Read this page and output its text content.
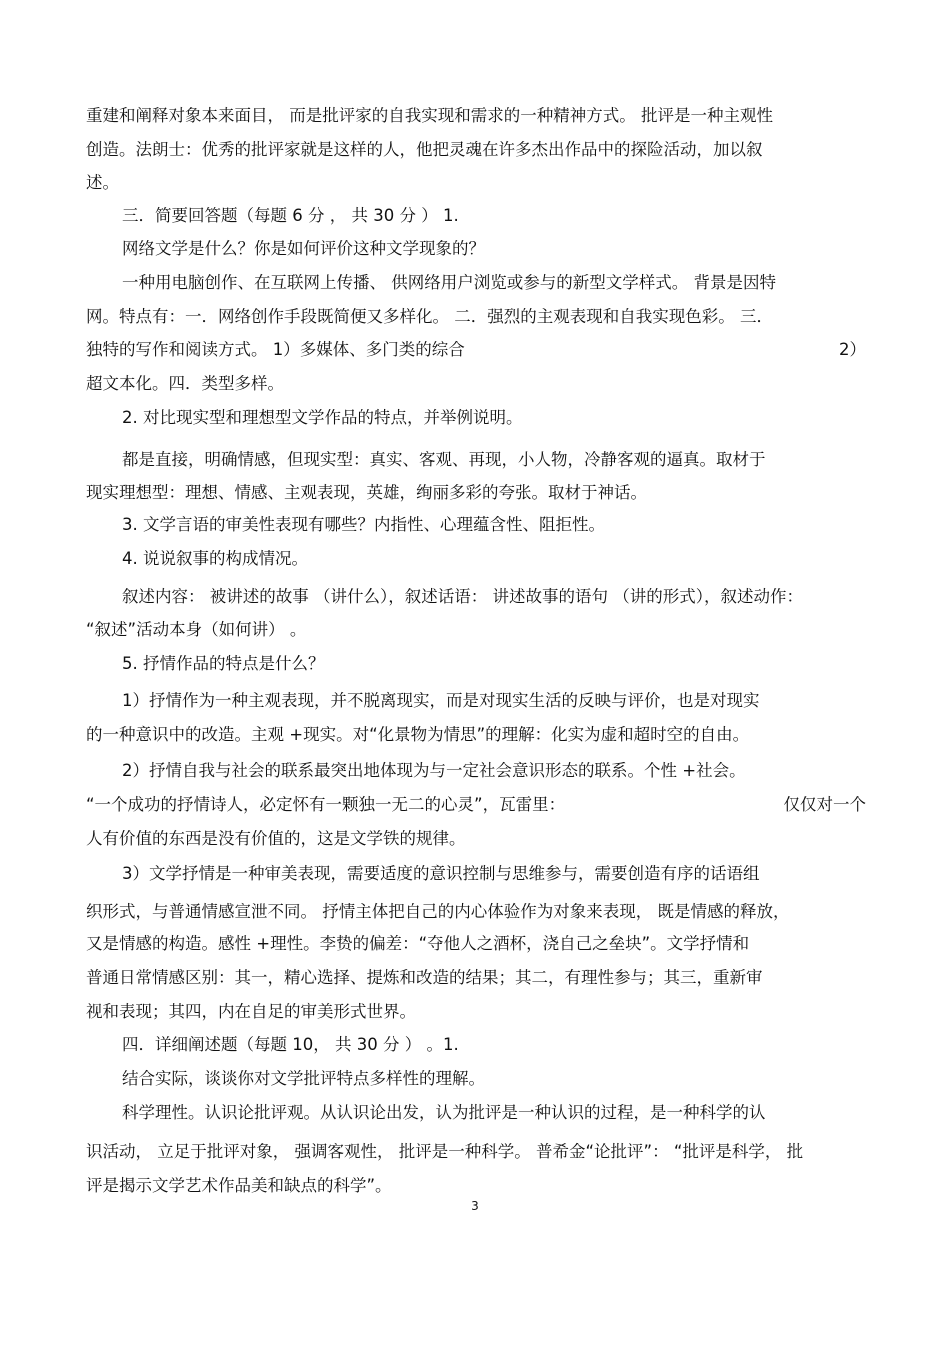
重建和阐释对象本来面目， 而是批评家的自我实现和需求的一种精神方式。 批评是一种主观性
创造。法朗士：优秀的批评家就是这样的人，他把灵魂在许多杰出作品中的探险活动，加以叙
述。
三．简要回答题（每题 6 分 ， 共 30 分 ） 1.
网络文学是什么？你是如何评价这种文学现象的？
一种用电脑创作、在互联网上传播、 供网络用户浏览或参与的新型文学样式。 背景是因特
网。特点有：一．网络创作手段既简便又多样化。 二．强烈的主观表现和自我实现色彩。 三．
独特的写作和阅读方式。 1）多媒体、多门类的综合	2）
超文本化。四．类型多样。
2. 对比现实型和理想型文学作品的特点，并举例说明。
都是直接，明确情感，但现实型：真实、客观、再现，小人物，冷静客观的逼真。取材于
现实理想型：理想、情感、主观表现，英雄，绚丽多彩的夸张。取材于神话。
3. 文学言语的审美性表现有哪些？内指性、心理蕴含性、阻拒性。
4. 说说叙事的构成情况。
叙述内容： 被讲述的故事 （讲什么），叙述话语： 讲述故事的语句 （讲的形式），叙述动作：
“叙述”活动本身（如何讲） 。
5. 抒情作品的特点是什么？
1）抒情作为一种主观表现，并不脱离现实，而是对现实生活的反映与评价，也是对现实
的一种意识中的改造。主观 +现实。对“化景物为情思”的理解：化实为虚和超时空的自由。
2）抒情自我与社会的联系最突出地体现为与一定社会意识形态的联系。个性 +社会。
“一个成功的抒情诗人，必定怀有一颗独一无二的心灵”，瓦雷里：	仅仅对一个
人有价值的东西是没有价值的，这是文学铁的规律。
3）文学抒情是一种审美表现，需要适度的意识控制与思维参与，需要创造有序的话语组
织形式，与普通情感宣泄不同。 抒情主体把自己的内心体验作为对象来表现， 既是情感的释放，
又是情感的构造。感性 +理性。李贽的偏差：“夺他人之酒杯，浇自己之垒块”。文学抒情和
普通日常情感区别：其一，精心选择、提炼和改造的结果；其二，有理性参与；其三，重新审
视和表现；其四，内在自足的审美形式世界。
四．详细阐述题（每题 10， 共 30 分 ） 。1.
结合实际，谈谈你对文学批评特点多样性的理解。
科学理性。认识论批评观。从认识论出发，认为批评是一种认识的过程，是一种科学的认
识活动， 立足于批评对象， 强调客观性， 批评是一种科学。 普希金“论批评”： “批评是科学， 批
评是揭示文学艺术作品美和缺点的科学”。
3
